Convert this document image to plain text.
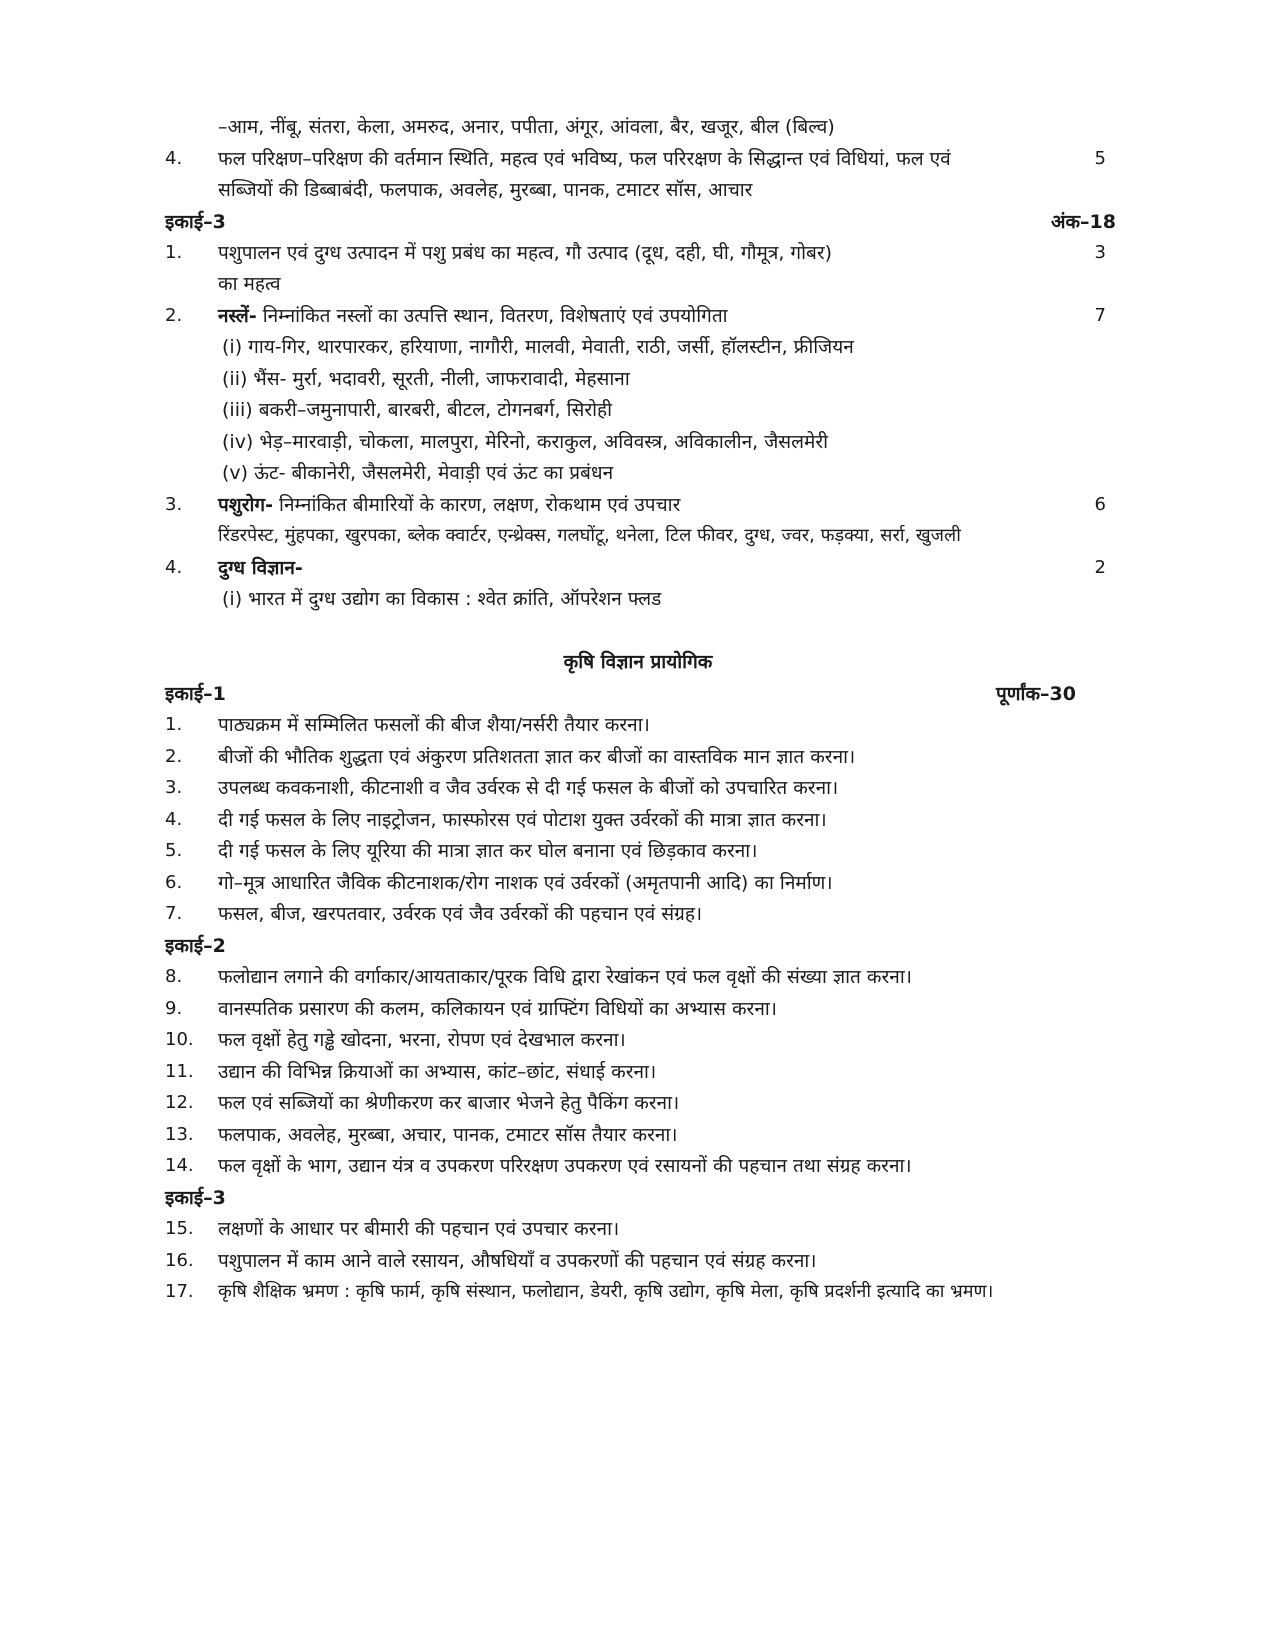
–आम, नींबू, संतरा, केला, अमरुद, अनार, पपीता, अंगूर, आंवला, बैर, खजूर, बील (बिल्व)
4. फल परिक्षण–परिक्षण की वर्तमान स्थिति, महत्व एवं भविष्य, फल परिरक्षण के सिद्धान्त एवं विधियां, फल एवं	5
सब्जियों की डिब्बाबंदी, फलपाक, अवलेह, मुरब्बा, पानक, टमाटर सॉस, आचार
इकाई–3	अंक–18
1. पशुपालन एवं दुग्ध उत्पादन में पशु प्रबंध का महत्व, गौ उत्पाद (दूध, दही, घी, गौमूत्र, गोबर)	3
का महत्व
2. नस्लें- निम्नांकित नस्लों का उत्पत्ति स्थान, वितरण, विशेषताएं एवं उपयोगिता	7
(i) गाय-गिर, थारपारकर, हरियाणा, नागौरी, मालवी, मेवाती, राठी, जर्सी, हॉलस्टीन, फ्रीजियन
(ii) भैंस- मुर्रा, भदावरी, सूरती, नीली, जाफरावादी, मेहसाना
(iii) बकरी–जमुनापारी, बारबरी, बीटल, टोगनबर्ग, सिरोही
(iv) भेड़–मारवाड़ी, चोकला, मालपुरा, मेरिनो, कराकुल, अविवस्त्र, अविकालीन, जैसलमेरी
(v) ऊंट- बीकानेरी, जैसलमेरी, मेवाड़ी एवं ऊंट का प्रबंधन
3. पशुरोग- निम्नांकित बीमारियों के कारण, लक्षण, रोकथाम एवं उपचार	6
रिंडरपेस्ट, मुंहपका, खुरपका, ब्लेक क्वार्टर, एन्थ्रेक्स, गलघोंटू, थनेला, टिल फीवर, दुग्ध, ज्वर, फड़क्या, सर्रा, खुजली
4. दुग्ध विज्ञान-	2
(i) भारत में दुग्ध उद्योग का विकास : श्वेत क्रांति, ऑपरेशन फ्लड
कृषि विज्ञान प्रायोगिक
इकाई–1	पूर्णांक–30
1. पाठ्यक्रम में सम्मिलित फसलों की बीज शैया/नर्सरी तैयार करना।
2. बीजों की भौतिक शुद्धता एवं अंकुरण प्रतिशतता ज्ञात कर बीजों का वास्तविक मान ज्ञात करना।
3. उपलब्ध कवकनाशी, कीटनाशी व जैव उर्वरक से दी गई फसल के बीजों को उपचारित करना।
4. दी गई फसल के लिए नाइट्रोजन, फास्फोरस एवं पोटाश युक्त उर्वरकों की मात्रा ज्ञात करना।
5. दी गई फसल के लिए यूरिया की मात्रा ज्ञात कर घोल बनाना एवं छिड़काव करना।
6. गो–मूत्र आधारित जैविक कीटनाशक/रोग नाशक एवं उर्वरकों (अमृतपानी आदि) का निर्माण।
7. फसल, बीज, खरपतवार, उर्वरक एवं जैव उर्वरकों की पहचान एवं संग्रह।
इकाई–2
8. फलोद्यान लगाने की वर्गाकार/आयताकार/पूरक विधि द्वारा रेखांकन एवं फल वृक्षों की संख्या ज्ञात करना।
9. वानस्पतिक प्रसारण की कलम, कलिकायन एवं ग्राफ्टिंग विधियों का अभ्यास करना।
10. फल वृक्षों हेतु गड्ढे खोदना, भरना, रोपण एवं देखभाल करना।
11. उद्यान की विभिन्न क्रियाओं का अभ्यास, कांट–छांट, संधाई करना।
12. फल एवं सब्जियों का श्रेणीकरण कर बाजार भेजने हेतु पैकिंग करना।
13. फलपाक, अवलेह, मुरब्बा, अचार, पानक, टमाटर सॉस तैयार करना।
14. फल वृक्षों के भाग, उद्यान यंत्र व उपकरण परिरक्षण उपकरण एवं रसायनों की पहचान तथा संग्रह करना।
इकाई–3
15. लक्षणों के आधार पर बीमारी की पहचान एवं उपचार करना।
16. पशुपालन में काम आने वाले रसायन, औषधियाँ व उपकरणों की पहचान एवं संग्रह करना।
17. कृषि शैक्षिक भ्रमण : कृषि फार्म, कृषि संस्थान, फलोद्यान, डेयरी, कृषि उद्योग, कृषि मेला, कृषि प्रदर्शनी इत्यादि का भ्रमण।
